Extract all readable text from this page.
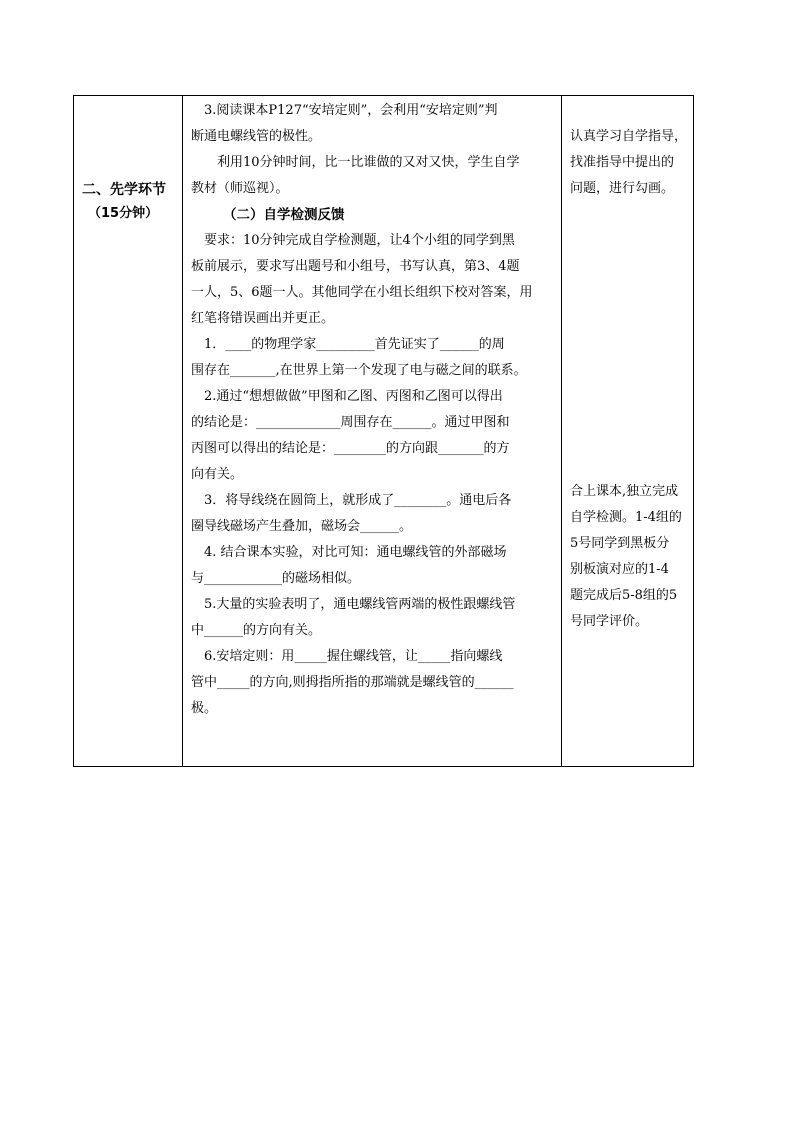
二、先学环节
（15分钟）
　3.阅读课本P127“安培定则”，会利用“安培定则”判
断通电螺线管的极性。
　　利用10分钟时间，比一比谁做的又对又快，学生自学
教材（师巡视）。
（二）自学检测反馈
　要求：10分钟完成自学检测题，让4个小组的同学到黑
板前展示，要求写出题号和小组号，书写认真，第3、4题
一人，5、6题一人。其他同学在小组长组织下校对答案，用
红笔将错误画出并更正。
　1．____的物理学家_________首先证实了______的周
围存在_______,在世界上第一个发现了电与磁之间的联系。
　2.通过“想想做做”甲图和乙图、丙图和乙图可以得出
的结论是：_____________周围存在______。通过甲图和
丙图可以得出的结论是：________的方向跟_______的方
向有关。
　3．将导线绕在圆筒上，就形成了________。通电后各
圈导线磁场产生叠加，磁场会______。
　4. 结合课本实验，对比可知：通电螺线管的外部磁场
与____________的磁场相似。
　5.大量的实验表明了，通电螺线管两端的极性跟螺线管
中______的方向有关。
　6.安培定则：用_____握住螺线管，让_____指向螺线
管中_____的方向,则拇指所指的那端就是螺线管的______
极。
认真学习自学指导，
找准指导中提出的
问题，进行勾画。
合上课本,独立完成
自学检测。1-4组的
5号同学到黑板分
别板演对应的1-4
题完成后5-8组的5
号同学评价。
